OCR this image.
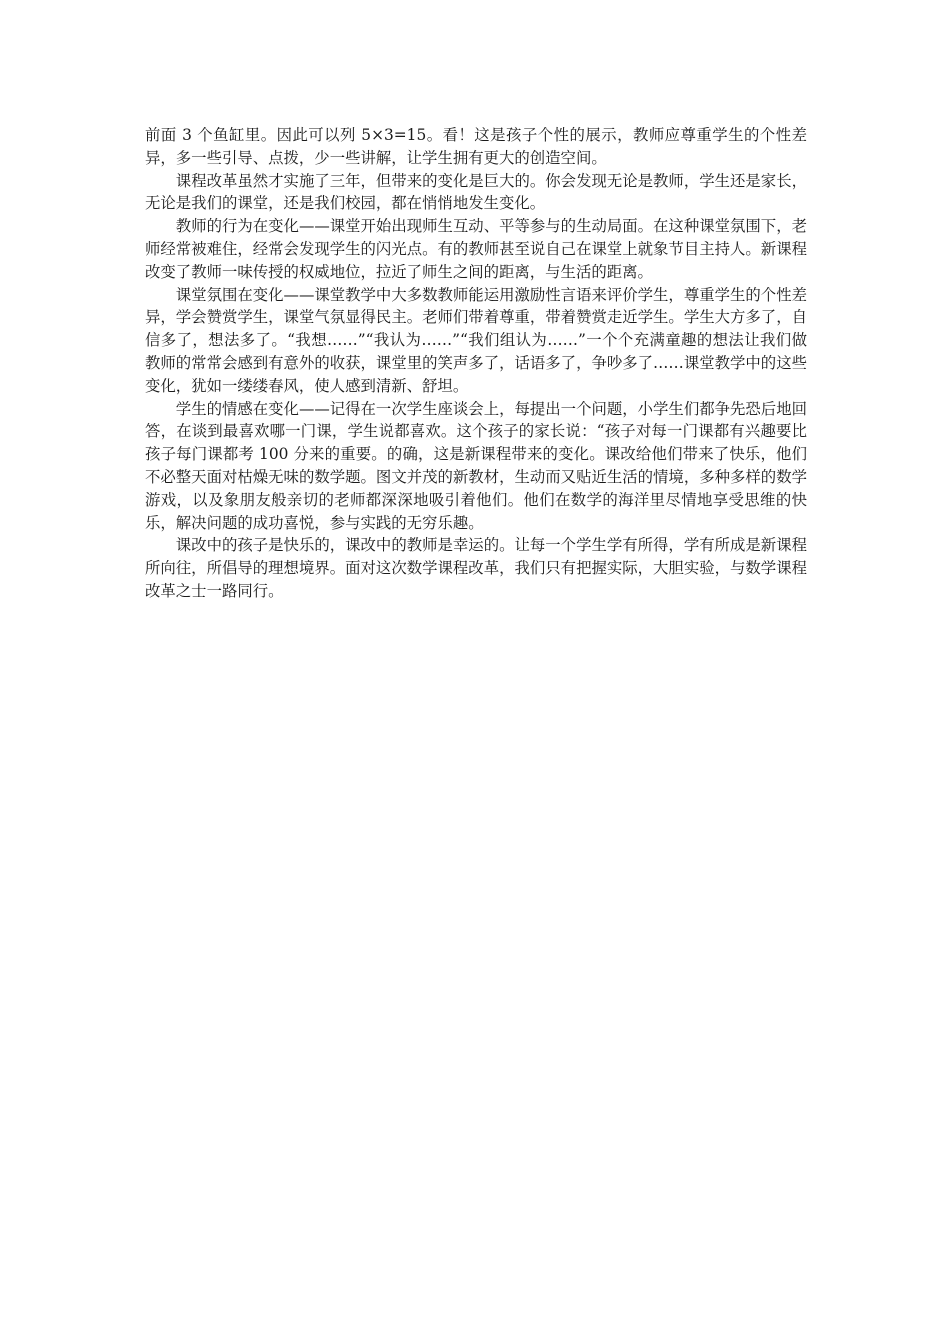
前面 3 个鱼缸里。因此可以列 5×3=15。看！这是孩子个性的展示，教师应尊重学生的个性差异，多一些引导、点拨，少一些讲解，让学生拥有更大的创造空间。

课程改革虽然才实施了三年，但带来的变化是巨大的。你会发现无论是教师，学生还是家长，无论是我们的课堂，还是我们校园，都在悄悄地发生变化。

教师的行为在变化——课堂开始出现师生互动、平等参与的生动局面。在这种课堂氛围下，老师经常被难住，经常会发现学生的闪光点。有的教师甚至说自己在课堂上就象节目主持人。新课程改变了教师一味传授的权威地位，拉近了师生之间的距离，与生活的距离。

课堂氛围在变化——课堂教学中大多数教师能运用激励性言语来评价学生，尊重学生的个性差异，学会赞赏学生，课堂气氛显得民主。老师们带着尊重，带着赞赏走近学生。学生大方多了，自信多了，想法多了。“我想……”“我认为……”“我们组认为……”一个个充满童趣的想法让我们做教师的常常会感到有意外的收获，课堂里的笑声多了，话语多了，争吵多了……课堂教学中的这些变化，犹如一缕缕春风，使人感到清新、舒坦。

学生的情感在变化——记得在一次学生座谈会上，每提出一个问题，小学生们都争先恐后地回答，在谈到最喜欢哪一门课，学生说都喜欢。这个孩子的家长说：“孩子对每一门课都有兴趣要比孩子每门课都考 100 分来的重要。的确，这是新课程带来的变化。课改给他们带来了快乐，他们不必整天面对枯燥无味的数学题。图文并茂的新教材，生动而又贴近生活的情境，多种多样的数学游戏，以及象朋友般亲切的老师都深深地吸引着他们。他们在数学的海洋里尽情地享受思维的快乐，解决问题的成功喜悦，参与实践的无穷乐趣。

课改中的孩子是快乐的，课改中的教师是幸运的。让每一个学生学有所得，学有所成是新课程所向往，所倡导的理想境界。面对这次数学课程改革，我们只有把握实际，大胆实验，与数学课程改革之士一路同行。
